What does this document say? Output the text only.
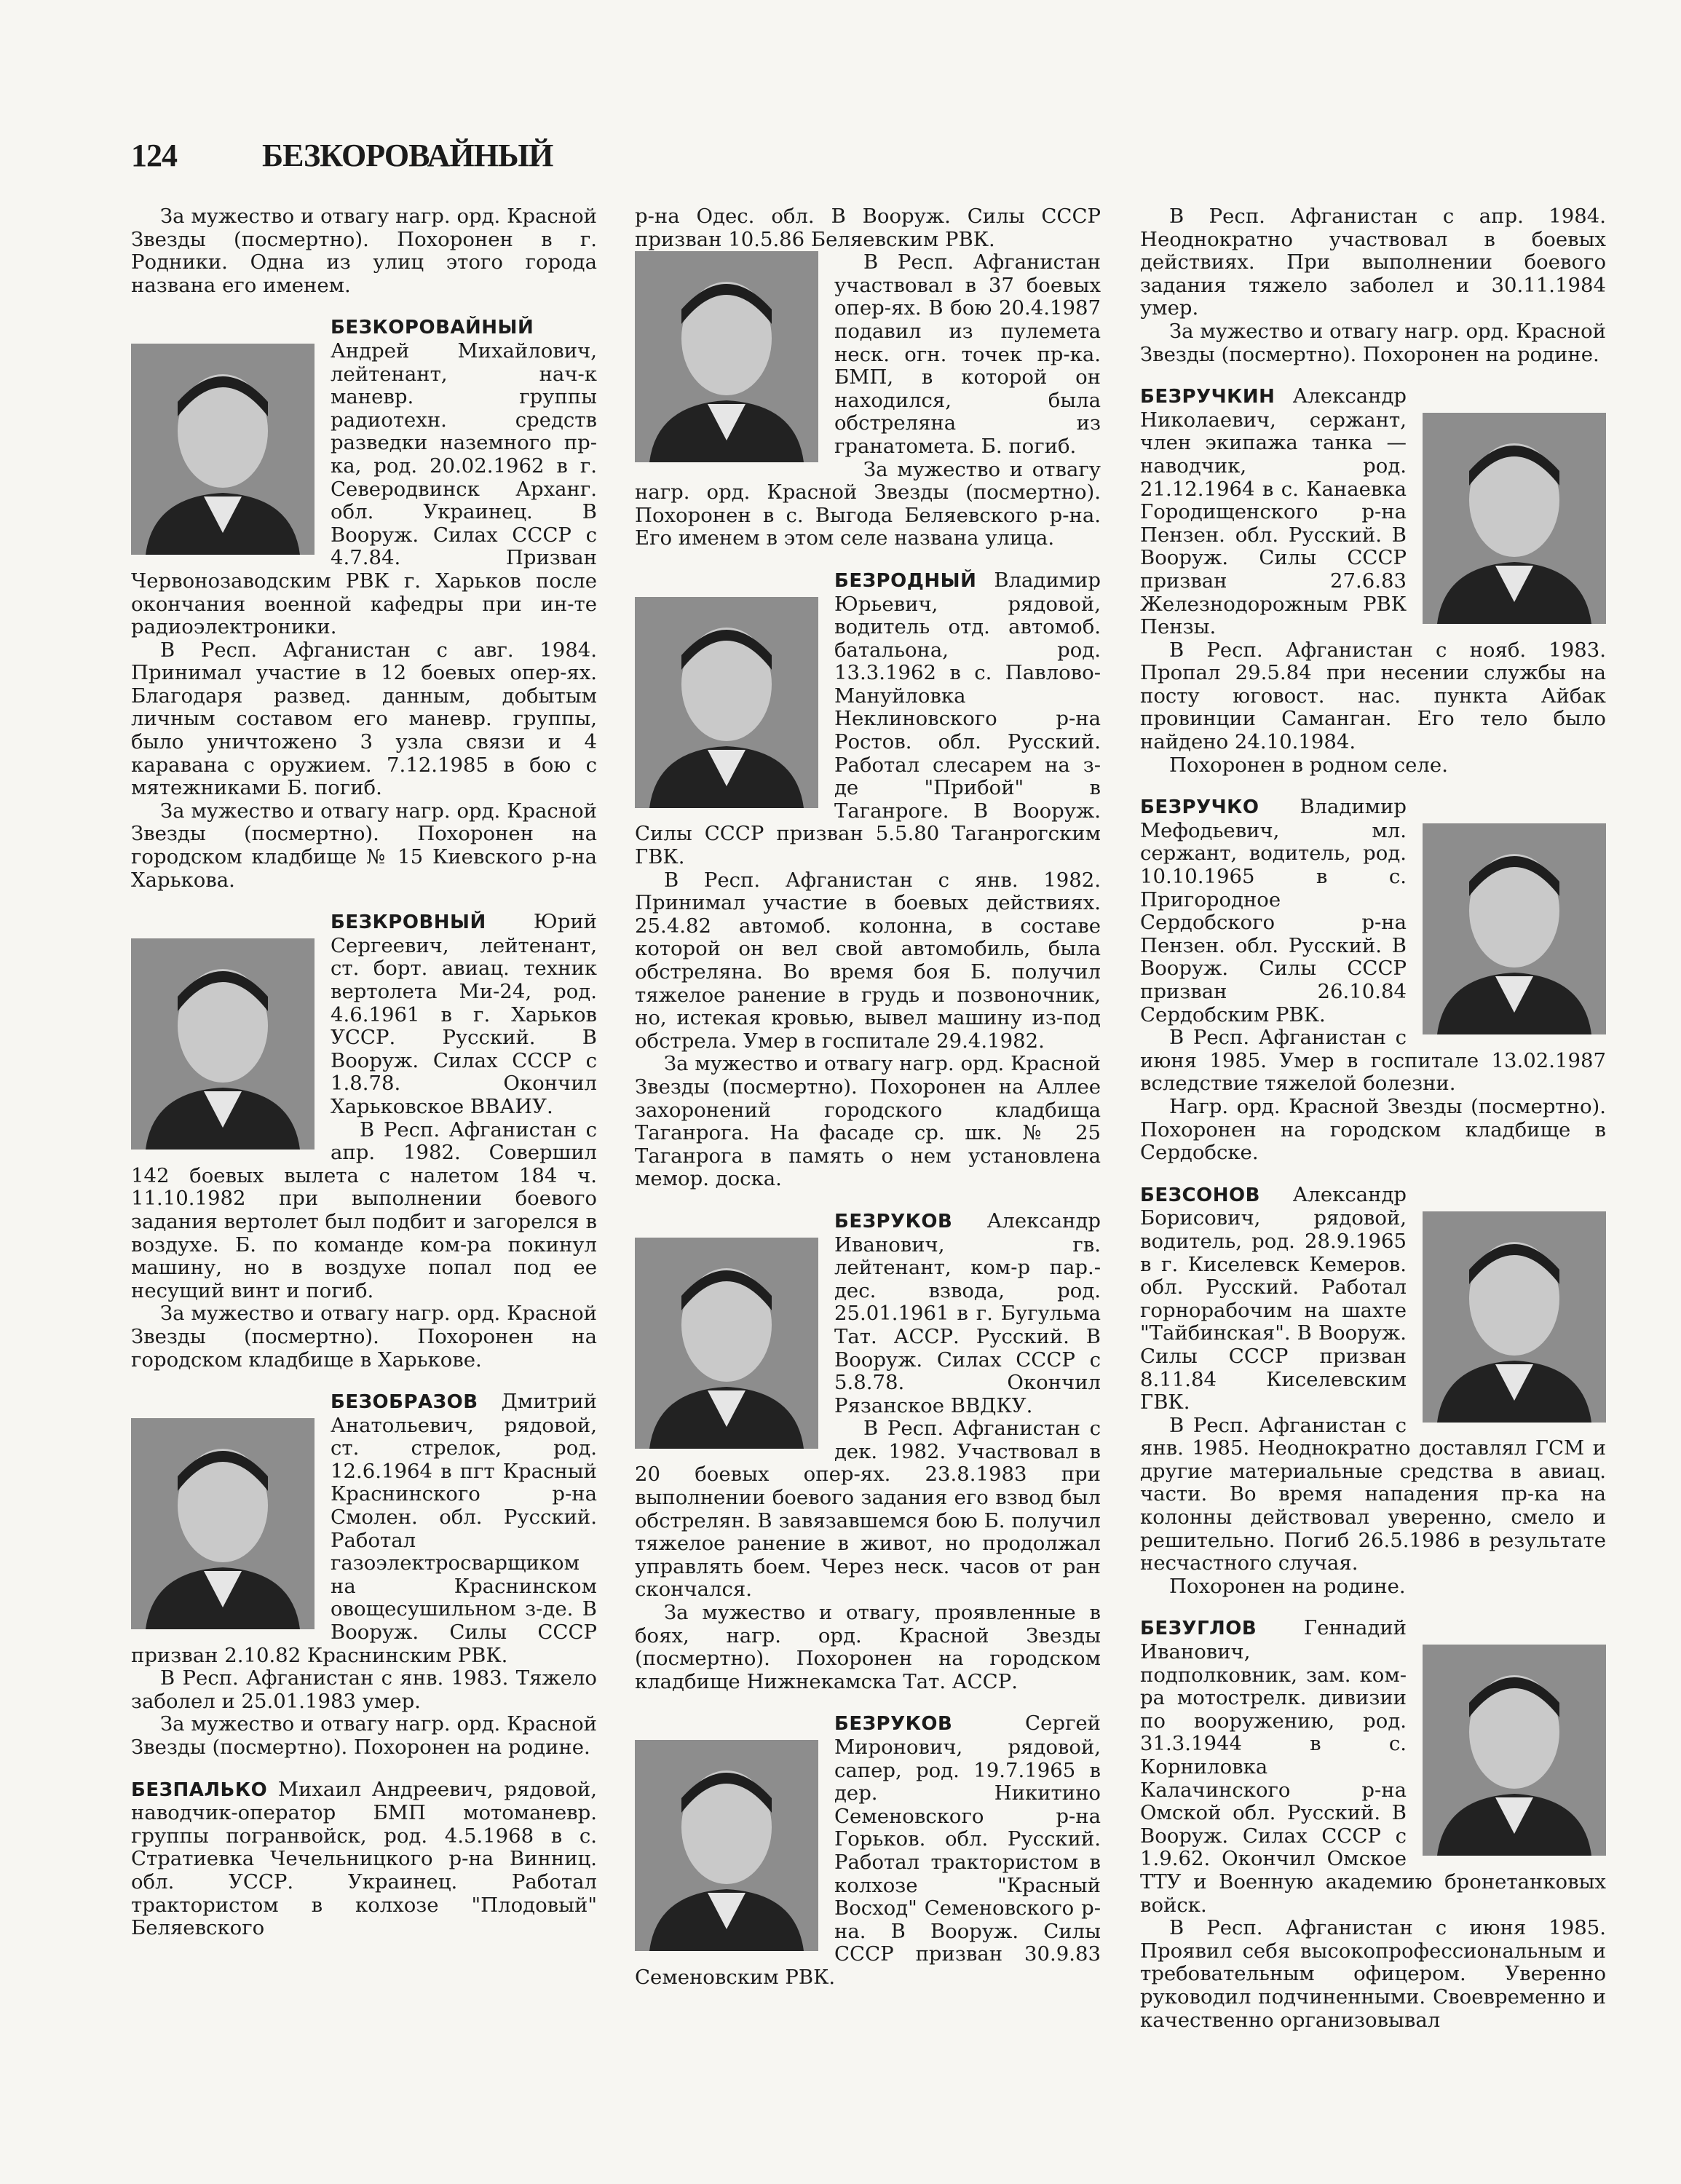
124	БЕЗКОРОВАЙНЫЙ

За мужество и отвагу нагр. орд. Красной Звезды (посмертно). Похоронен в г. Родники. Одна из улиц этого города названа его именем.

БЕЗКОРОВАЙНЫЙ Андрей Михайлович, лейтенант, нач-к маневр. группы радиотехн. средств разведки наземного пр-ка, род. 20.02.1962 в г. Северодвинск Арханг. обл. Украинец. В Вооруж. Силах СССР с 4.7.84. Призван Червонозаводским РВК г. Харьков после окончания военной кафедры при ин-те радиоэлектроники.

В Респ. Афганистан с авг. 1984. Принимал участие в 12 боевых опер-ях. Благодаря развед. данным, добытым личным составом его маневр. группы, было уничтожено 3 узла связи и 4 каравана с оружием. 7.12.1985 в бою с мятежниками Б. погиб.

За мужество и отвагу нагр. орд. Красной Звезды (посмертно). Похоронен на городском кладбище № 15 Киевского р-на Харькова.

БЕЗКРОВНЫЙ Юрий Сергеевич, лейтенант, ст. борт. авиац. техник вертолета Ми-24, род. 4.6.1961 в г. Харьков УССР. Русский. В Вооруж. Силах СССР с 1.8.78. Окончил Харьковское ВВАИУ.

В Респ. Афганистан с апр. 1982. Совершил 142 боевых вылета с налетом 184 ч. 11.10.1982 при выполнении боевого задания вертолет был подбит и загорелся в воздухе. Б. по команде ком-ра покинул машину, но в воздухе попал под ее несущий винт и погиб.

За мужество и отвагу нагр. орд. Красной Звезды (посмертно). Похоронен на городском кладбище в Харькове.

БЕЗОБРАЗОВ Дмитрий Анатольевич, рядовой, ст. стрелок, род. 12.6.1964 в пгт Красный Краснинского р-на Смолен. обл. Русский. Работал газоэлектросварщиком на Краснинском овощесушильном з-де. В Вооруж. Силы СССР призван 2.10.82 Краснинским РВК.

В Респ. Афганистан с янв. 1983. Тяжело заболел и 25.01.1983 умер.

За мужество и отвагу нагр. орд. Красной Звезды (посмертно). Похоронен на родине.

БЕЗПАЛЬКО Михаил Андреевич, рядовой, наводчик-оператор БМП мотоманевр. группы погранвойск, род. 4.5.1968 в с. Стратиевка Чечельницкого р-на Винниц. обл. УССР. Украинец. Работал трактористом в колхозе "Плодовый" Беляевского

р-на Одес. обл. В Вооруж. Силы СССР призван 10.5.86 Беляевским РВК.

В Респ. Афганистан участвовал в 37 боевых опер-ях. В бою 20.4.1987 подавил из пулемета неск. огн. точек пр-ка. БМП, в которой он находился, была обстреляна из гранатомета. Б. погиб.

За мужество и отвагу нагр. орд. Красной Звезды (посмертно). Похоронен в с. Выгода Беляевского р-на. Его именем в этом селе названа улица.

БЕЗРОДНЫЙ Владимир Юрьевич, рядовой, водитель отд. автомоб. батальона, род. 13.3.1962 в с. Павлово-Мануйловка Неклиновского р-на Ростов. обл. Русский. Работал слесарем на з-де "Прибой" в Таганроге. В Вооруж. Силы СССР призван 5.5.80 Таганрогским ГВК.

В Респ. Афганистан с янв. 1982. Принимал участие в боевых действиях. 25.4.82 автомоб. колонна, в составе которой он вел свой автомобиль, была обстреляна. Во время боя Б. получил тяжелое ранение в грудь и позвоночник, но, истекая кровью, вывел машину из-под обстрела. Умер в госпитале 29.4.1982.

За мужество и отвагу нагр. орд. Красной Звезды (посмертно). Похоронен на Аллее захоронений городского кладбища Таганрога. На фасаде ср. шк. № 25 Таганрога в память о нем установлена мемор. доска.

БЕЗРУКОВ Александр Иванович, гв. лейтенант, ком-р пар.-дес. взвода, род. 25.01.1961 в г. Бугульма Тат. АССР. Русский. В Вооруж. Силах СССР с 5.8.78. Окончил Рязанское ВВДКУ.

В Респ. Афганистан с дек. 1982. Участвовал в 20 боевых опер-ях. 23.8.1983 при выполнении боевого задания его взвод был обстрелян. В завязавшемся бою Б. получил тяжелое ранение в живот, но продолжал управлять боем. Через неск. часов от ран скончался.

За мужество и отвагу, проявленные в боях, нагр. орд. Красной Звезды (посмертно). Похоронен на городском кладбище Нижнекамска Тат. АССР.

БЕЗРУКОВ Сергей Миронович, рядовой, сапер, род. 19.7.1965 в дер. Никитино Семеновского р-на Горьков. обл. Русский. Работал трактористом в колхозе "Красный Восход" Семеновского р-на. В Вооруж. Силы СССР призван 30.9.83 Семеновским РВК.

В Респ. Афганистан с апр. 1984. Неоднократно участвовал в боевых действиях. При выполнении боевого задания тяжело заболел и 30.11.1984 умер.

За мужество и отвагу нагр. орд. Красной Звезды (посмертно). Похоронен на родине.

БЕЗРУЧКИН Александр Николаевич, сержант, член экипажа танка — наводчик, род. 21.12.1964 в с. Канаевка Городищенского р-на Пензен. обл. Русский. В Вооруж. Силы СССР призван 27.6.83 Железнодорожным РВК Пензы.

В Респ. Афганистан с нояб. 1983. Пропал 29.5.84 при несении службы на посту юговост. нас. пункта Айбак провинции Саманган. Его тело было найдено 24.10.1984.

Похоронен в родном селе.

БЕЗРУЧКО Владимир Мефодьевич, мл. сержант, водитель, род. 10.10.1965 в с. Пригородное Сердобского р-на Пензен. обл. Русский. В Вооруж. Силы СССР призван 26.10.84 Сердобским РВК.

В Респ. Афганистан с июня 1985. Умер в госпитале 13.02.1987 вследствие тяжелой болезни.

Нагр. орд. Красной Звезды (посмертно). Похоронен на городском кладбище в Сердобске.

БЕЗСОНОВ Александр Борисович, рядовой, водитель, род. 28.9.1965 в г. Киселевск Кемеров. обл. Русский. Работал горнорабочим на шахте "Тайбинская". В Вооруж. Силы СССР призван 8.11.84 Киселевским ГВК.

В Респ. Афганистан с янв. 1985. Неоднократно доставлял ГСМ и другие материальные средства в авиац. части. Во время нападения пр-ка на колонны действовал уверенно, смело и решительно. Погиб 26.5.1986 в результате несчастного случая.

Похоронен на родине.

БЕЗУГЛОВ Геннадий Иванович, подполковник, зам. ком-ра мотострелк. дивизии по вооружению, род. 31.3.1944 в с. Корниловка Калачинского р-на Омской обл. Русский. В Вооруж. Силах СССР с 1.9.62. Окончил Омское ТТУ и Военную академию бронетанковых войск.

В Респ. Афганистан с июня 1985. Проявил себя высокопрофессиональным и требовательным офицером. Уверенно руководил подчиненными. Своевременно и качественно организовывал
